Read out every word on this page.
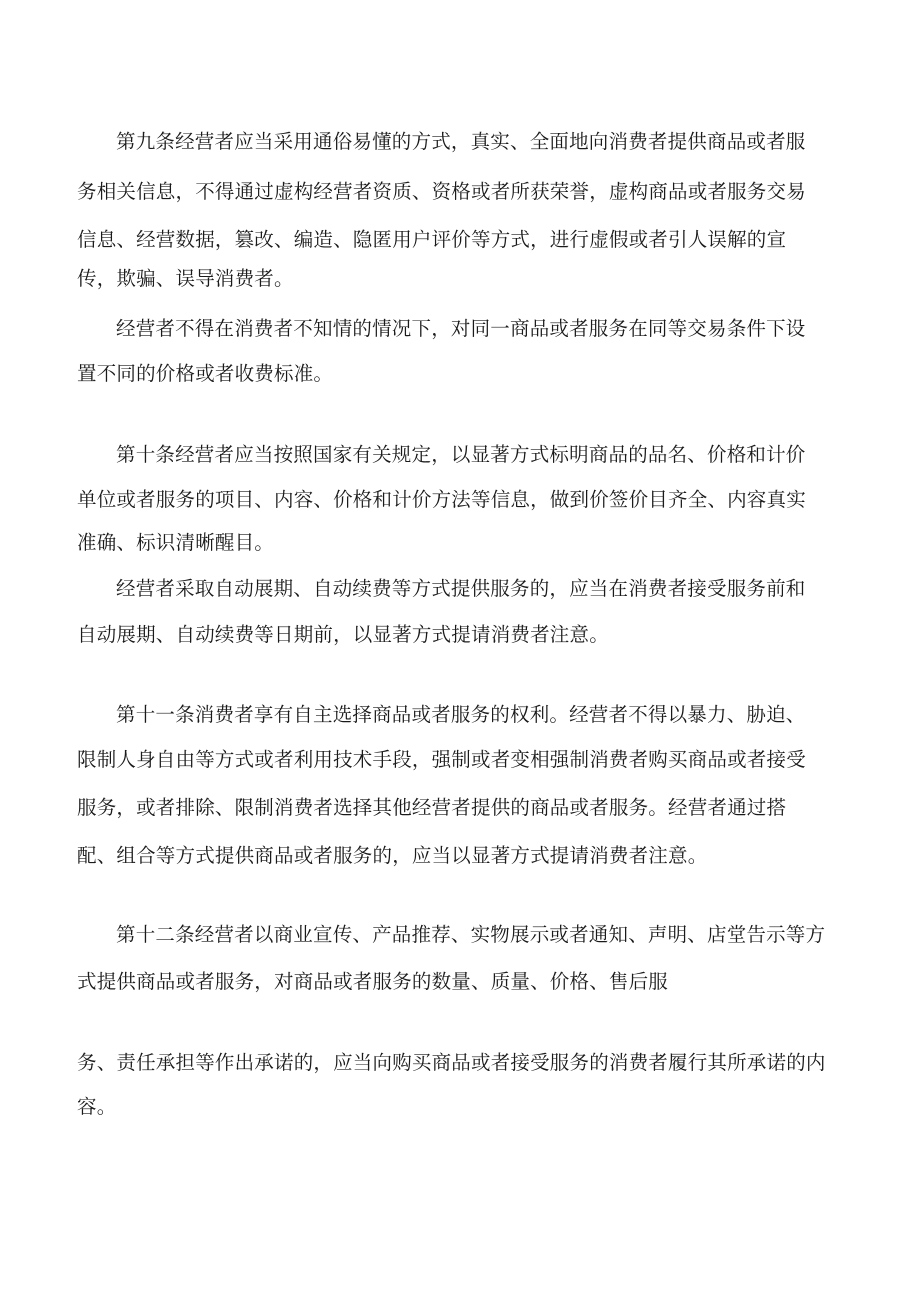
第九条经营者应当采用通俗易懂的方式，真实、全面地向消费者提供商品或者服
务相关信息，不得通过虚构经营者资质、资格或者所获荣誉，虚构商品或者服务交易
信息、经营数据，篡改、编造、隐匿用户评价等方式，进行虚假或者引人误解的宣
传，欺骗、误导消费者。
经营者不得在消费者不知情的情况下，对同一商品或者服务在同等交易条件下设
置不同的价格或者收费标准。
第十条经营者应当按照国家有关规定，以显著方式标明商品的品名、价格和计价
单位或者服务的项目、内容、价格和计价方法等信息，做到价签价目齐全、内容真实
准确、标识清晰醒目。
经营者采取自动展期、自动续费等方式提供服务的，应当在消费者接受服务前和
自动展期、自动续费等日期前，以显著方式提请消费者注意。
第十一条消费者享有自主选择商品或者服务的权利。经营者不得以暴力、胁迫、
限制人身自由等方式或者利用技术手段，强制或者变相强制消费者购买商品或者接受
服务，或者排除、限制消费者选择其他经营者提供的商品或者服务。经营者通过搭
配、组合等方式提供商品或者服务的，应当以显著方式提请消费者注意。
第十二条经营者以商业宣传、产品推荐、实物展示或者通知、声明、店堂告示等方
式提供商品或者服务，对商品或者服务的数量、质量、价格、售后服
务、责任承担等作出承诺的，应当向购买商品或者接受服务的消费者履行其所承诺的内
容。
